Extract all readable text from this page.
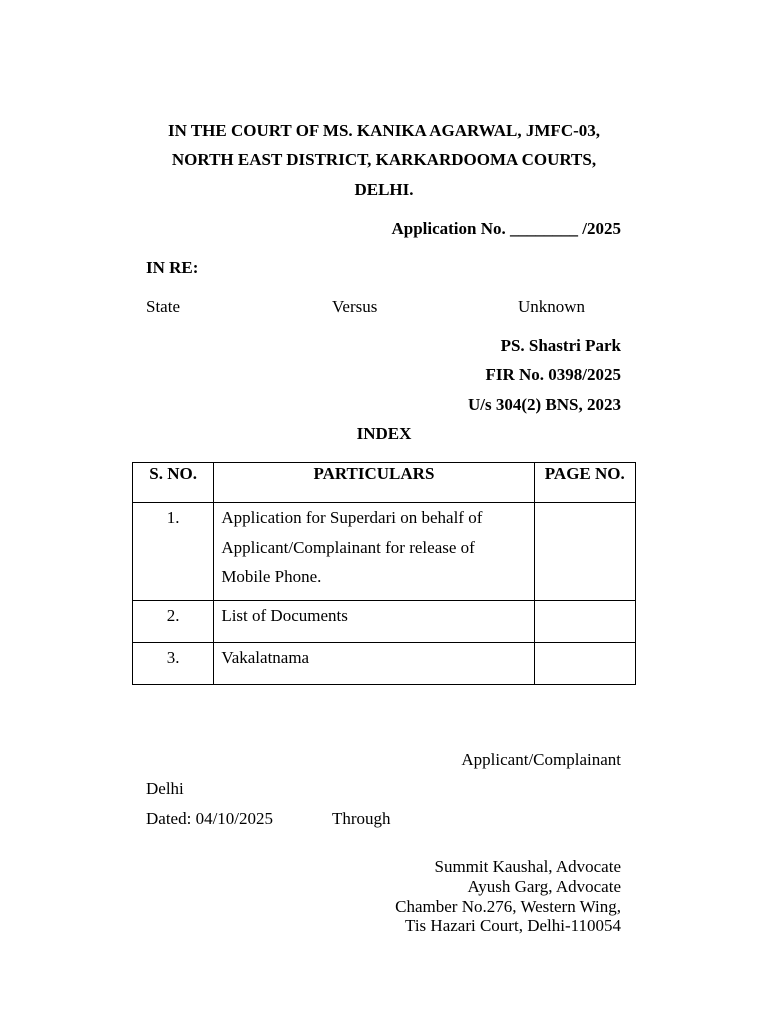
IN THE COURT OF MS. KANIKA AGARWAL, JMFC-03,
NORTH EAST DISTRICT, KARKARDOOMA COURTS,
DELHI.
Application No. ________ /2025
IN RE:
State	Versus	Unknown
PS. Shastri Park
FIR No. 0398/2025
U/s 304(2) BNS, 2023
INDEX
S. NO.	PARTICULARS	PAGE NO.
1.	Application for Superdari on behalf of
Applicant/Complainant for release of
Mobile Phone.	

2.	List of Documents	

3.	Vakalatnama	

Applicant/Complainant
Delhi
Dated: 04/10/2025	Through
Summit Kaushal, Advocate
Ayush Garg, Advocate
Chamber No.276, Western Wing,
Tis Hazari Court, Delhi-110054
